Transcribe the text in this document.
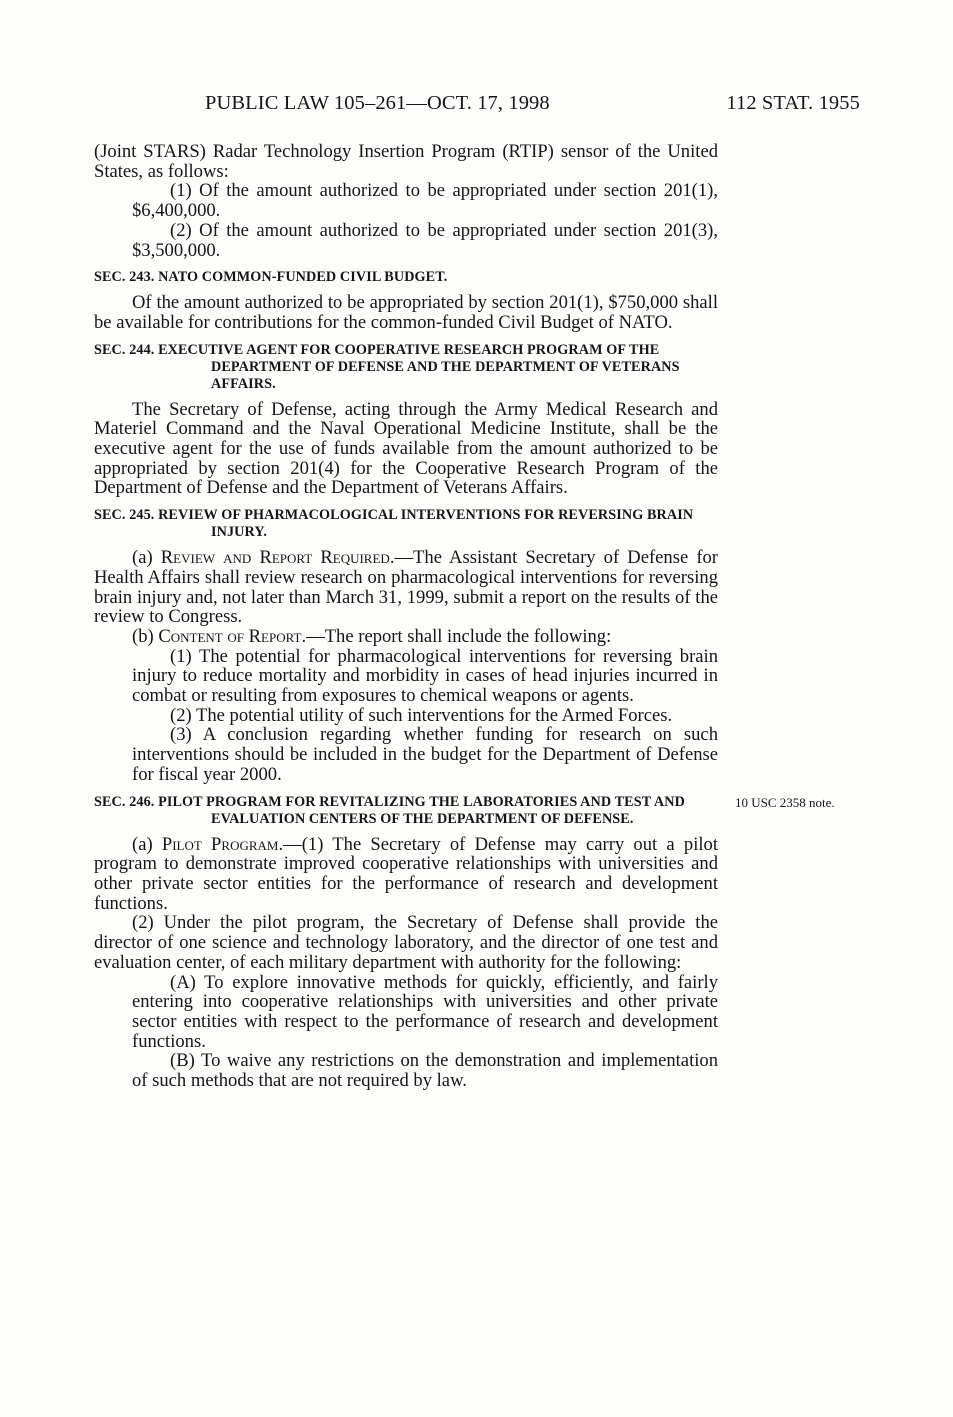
PUBLIC LAW 105–261—OCT. 17, 1998	112 STAT. 1955

(Joint STARS) Radar Technology Insertion Program (RTIP) sensor of the United States, as follows:

(1) Of the amount authorized to be appropriated under section 201(1), $6,400,000.

(2) Of the amount authorized to be appropriated under section 201(3), $3,500,000.

SEC. 243. NATO COMMON-FUNDED CIVIL BUDGET.

Of the amount authorized to be appropriated by section 201(1), $750,000 shall be available for contributions for the common-funded Civil Budget of NATO.

SEC. 244. EXECUTIVE AGENT FOR COOPERATIVE RESEARCH PROGRAM OF THE DEPARTMENT OF DEFENSE AND THE DEPARTMENT OF VETERANS AFFAIRS.

The Secretary of Defense, acting through the Army Medical Research and Materiel Command and the Naval Operational Medicine Institute, shall be the executive agent for the use of funds available from the amount authorized to be appropriated by section 201(4) for the Cooperative Research Program of the Department of Defense and the Department of Veterans Affairs.

SEC. 245. REVIEW OF PHARMACOLOGICAL INTERVENTIONS FOR REVERSING BRAIN INJURY.

(a) Review and Report Required.—The Assistant Secretary of Defense for Health Affairs shall review research on pharmacological interventions for reversing brain injury and, not later than March 31, 1999, submit a report on the results of the review to Congress.

(b) Content of Report.—The report shall include the following:

(1) The potential for pharmacological interventions for reversing brain injury to reduce mortality and morbidity in cases of head injuries incurred in combat or resulting from exposures to chemical weapons or agents.

(2) The potential utility of such interventions for the Armed Forces.

(3) A conclusion regarding whether funding for research on such interventions should be included in the budget for the Department of Defense for fiscal year 2000.

SEC. 246. PILOT PROGRAM FOR REVITALIZING THE LABORATORIES AND TEST AND EVALUATION CENTERS OF THE DEPARTMENT OF DEFENSE.

(a) Pilot Program.—(1) The Secretary of Defense may carry out a pilot program to demonstrate improved cooperative relationships with universities and other private sector entities for the performance of research and development functions.

(2) Under the pilot program, the Secretary of Defense shall provide the director of one science and technology laboratory, and the director of one test and evaluation center, of each military department with authority for the following:

(A) To explore innovative methods for quickly, efficiently, and fairly entering into cooperative relationships with universities and other private sector entities with respect to the performance of research and development functions.

(B) To waive any restrictions on the demonstration and implementation of such methods that are not required by law.

10 USC 2358 note.
